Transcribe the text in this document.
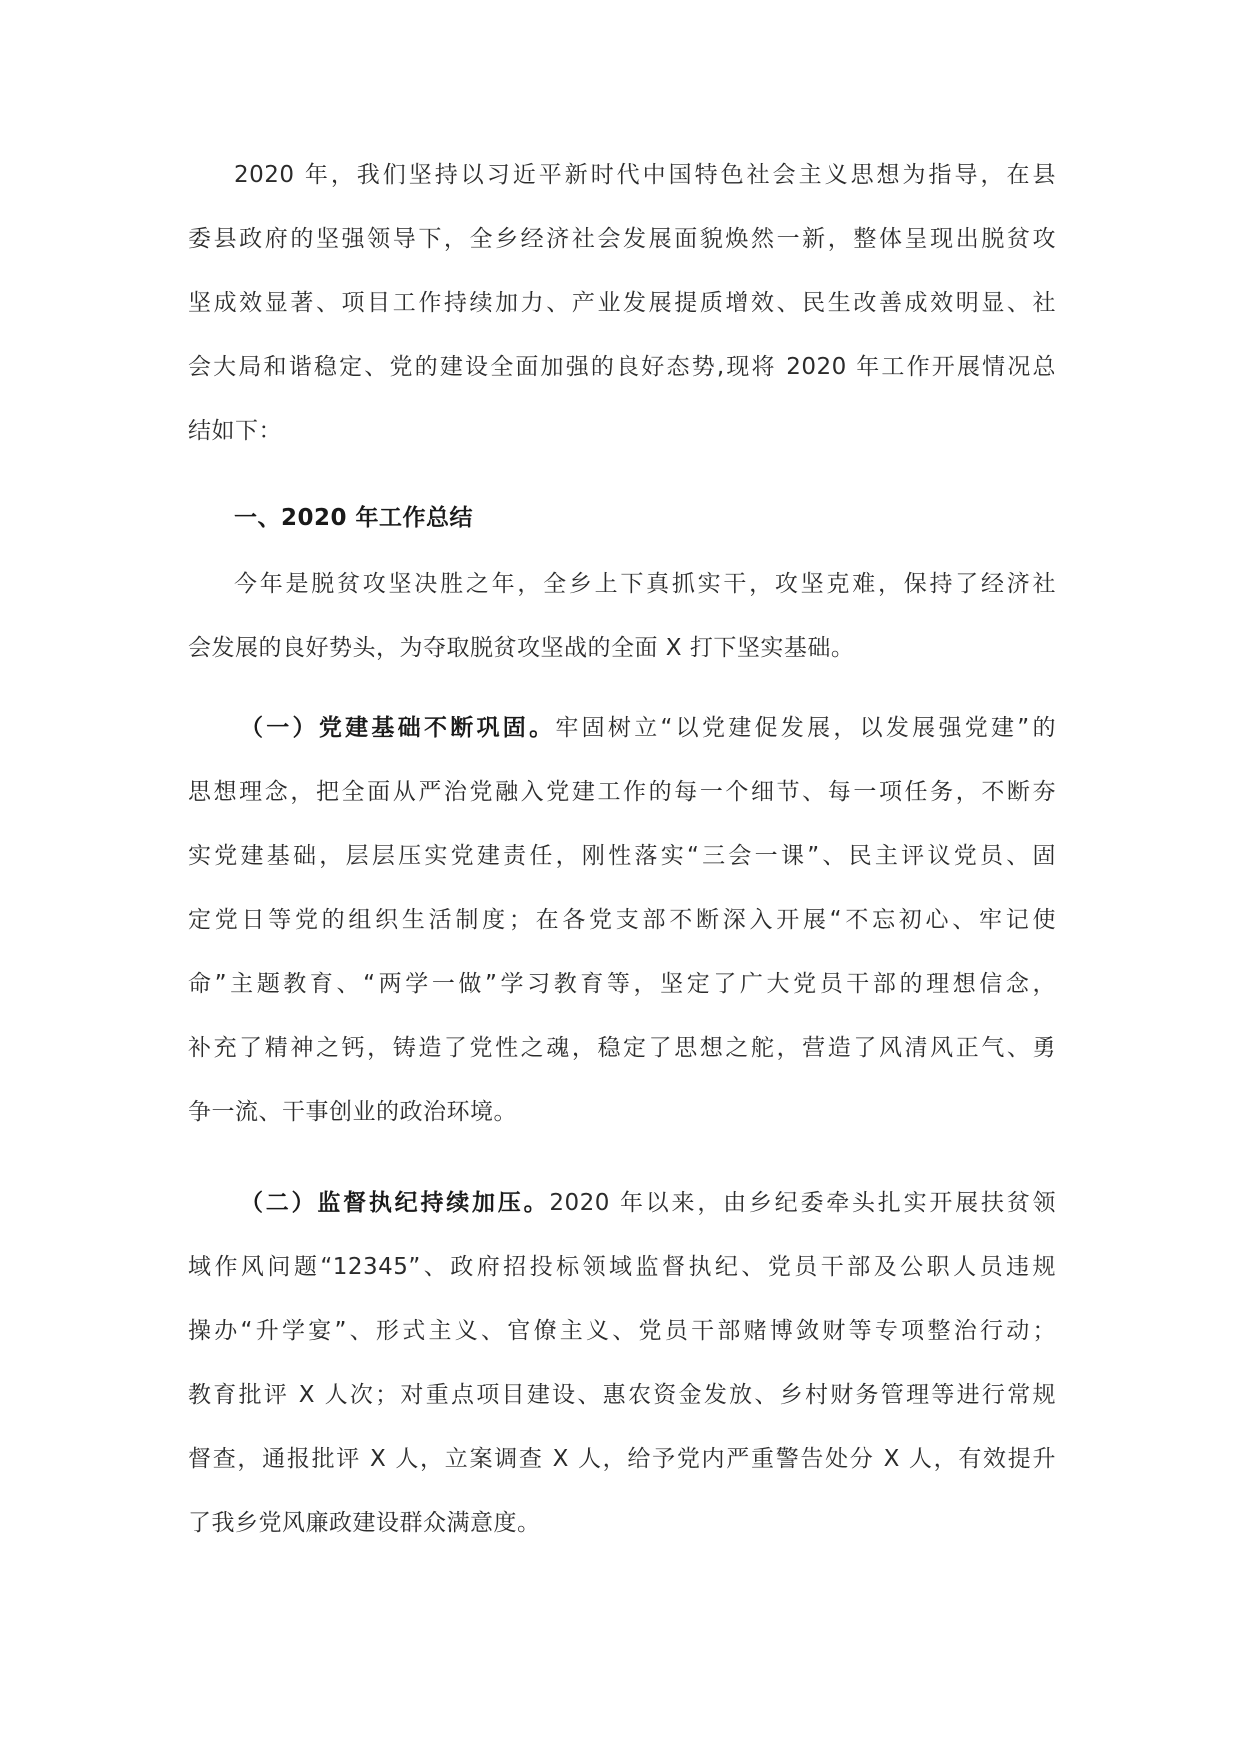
2020 年，我们坚持以习近平新时代中国特色社会主义思想为指导，在县
委县政府的坚强领导下，全乡经济社会发展面貌焕然一新，整体呈现出脱贫攻
坚成效显著、项目工作持续加力、产业发展提质增效、民生改善成效明显、社
会大局和谐稳定、党的建设全面加强的良好态势,现将 2020 年工作开展情况总
结如下：
一、2020 年工作总结
今年是脱贫攻坚决胜之年，全乡上下真抓实干，攻坚克难，保持了经济社
会发展的良好势头，为夺取脱贫攻坚战的全面 X 打下坚实基础。
（一）党建基础不断巩固。牢固树立“以党建促发展，以发展强党建”的
思想理念，把全面从严治党融入党建工作的每一个细节、每一项任务，不断夯
实党建基础，层层压实党建责任，刚性落实“三会一课”、民主评议党员、固
定党日等党的组织生活制度；在各党支部不断深入开展“不忘初心、牢记使
命”主题教育、“两学一做”学习教育等，坚定了广大党员干部的理想信念，
补充了精神之钙，铸造了党性之魂，稳定了思想之舵，营造了风清风正气、勇
争一流、干事创业的政治环境。
（二）监督执纪持续加压。2020 年以来，由乡纪委牵头扎实开展扶贫领
域作风问题“12345”、政府招投标领域监督执纪、党员干部及公职人员违规
操办“升学宴”、形式主义、官僚主义、党员干部赌博敛财等专项整治行动；
教育批评 X 人次；对重点项目建设、惠农资金发放、乡村财务管理等进行常规
督查，通报批评 X 人，立案调查 X 人，给予党内严重警告处分 X 人，有效提升
了我乡党风廉政建设群众满意度。
